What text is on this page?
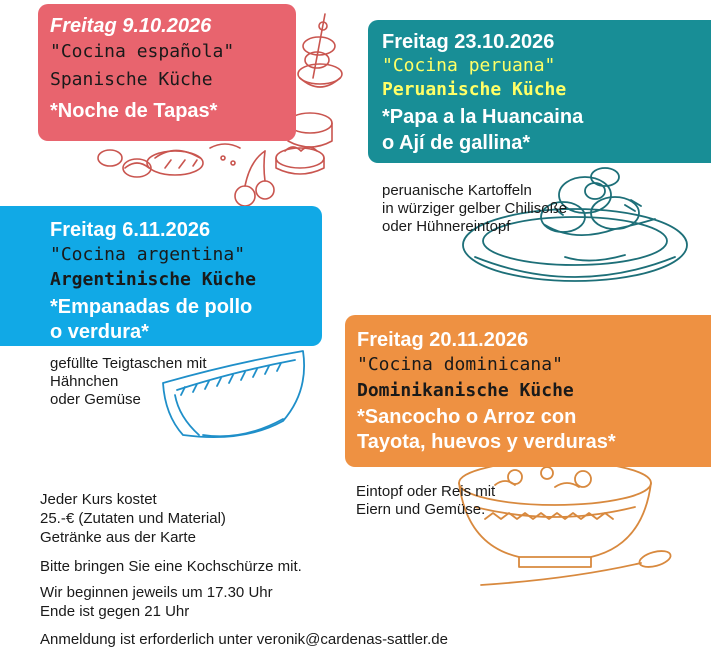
Freitag 9.10.2026
"Cocina española"
Spanische Küche
*Noche de Tapas*
Freitag 23.10.2026
"Cocina peruana"
Peruanische Küche
*Papa a la Huancaina
o Ají de gallina*
peruanische Kartoffeln
in würziger gelber Chilisoße
oder Hühnereintopf
Freitag 6.11.2026
"Cocina argentina"
Argentinische Küche
*Empanadas de pollo
o verdura*
gefüllte Teigtaschen mit
Hähnchen
oder Gemüse
Freitag 20.11.2026
"Cocina dominicana"
Dominikanische Küche
*Sancocho o Arroz con
Tayota, huevos y verduras*
Eintopf oder Reis mit
Eiern und Gemüse.
Jeder Kurs kostet
25.-€ (Zutaten und Material)
Getränke aus der Karte
Bitte bringen Sie eine Kochschürze mit.
Wir beginnen jeweils um 17.30 Uhr
Ende ist gegen 21 Uhr
Anmeldung ist erforderlich unter veronik@cardenas-sattler.de
